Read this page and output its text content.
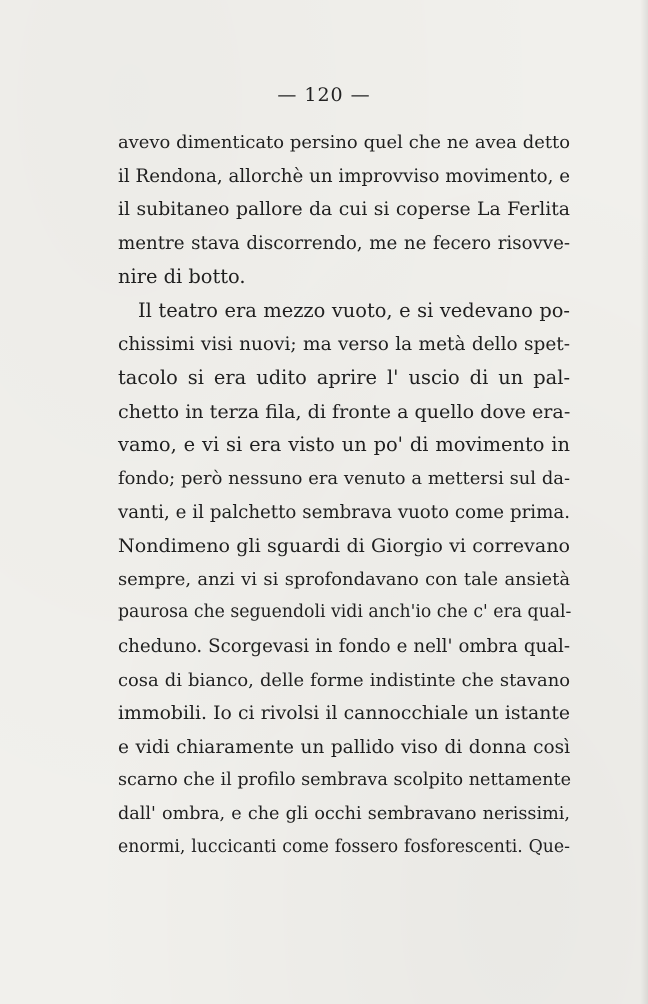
— 120 —
avevo dimenticato persino quel che ne avea detto
il Rendona, allorchè un improvviso movimento, e
il subitaneo pallore da cui si coperse La Ferlita
mentre stava discorrendo, me ne fecero risovve-
nire di botto.
Il teatro era mezzo vuoto, e si vedevano po-
chissimi visi nuovi; ma verso la metà dello spet-
tacolo si era udito aprire l' uscio di un pal-
chetto in terza fila, di fronte a quello dove era-
vamo, e vi si era visto un po' di movimento in
fondo; però nessuno era venuto a mettersi sul da-
vanti, e il palchetto sembrava vuoto come prima.
Nondimeno gli sguardi di Giorgio vi correvano
sempre, anzi vi si sprofondavano con tale ansietà
paurosa che seguendoli vidi anch'io che c' era qual-
cheduno. Scorgevasi in fondo e nell' ombra qual-
cosa di bianco, delle forme indistinte che stavano
immobili. Io ci rivolsi il cannocchiale un istante
e vidi chiaramente un pallido viso di donna così
scarno che il profilo sembrava scolpito nettamente
dall' ombra, e che gli occhi sembravano nerissimi,
enormi, luccicanti come fossero fosforescenti. Que-
